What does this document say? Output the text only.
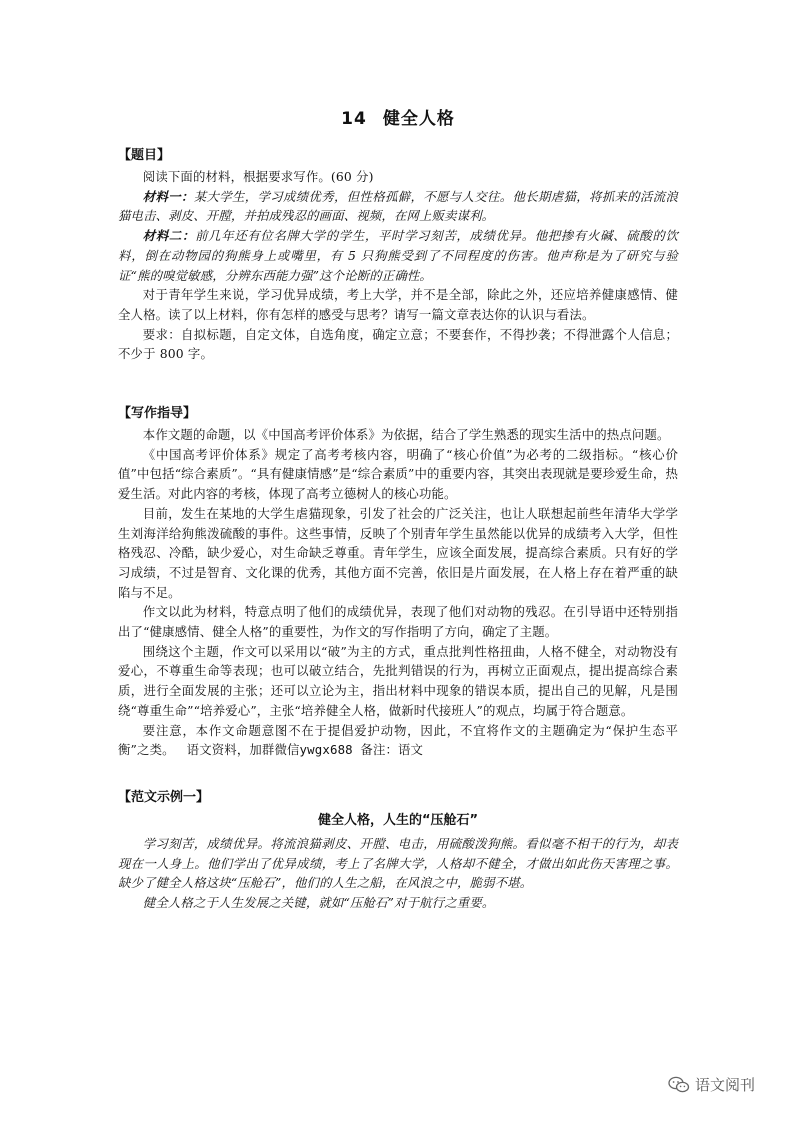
14 健全人格
【题目】

阅读下面的材料，根据要求写作。(60 分)

材料一：某大学生，学习成绩优秀，但性格孤僻，不愿与人交往。他长期虐猫，将抓来的活流浪猫电击、剥皮、开膛，并拍成残忍的画面、视频，在网上贩卖谋利。

材料二：前几年还有位名牌大学的学生，平时学习刻苦，成绩优异。他把掺有火碱、硫酸的饮料，倒在动物园的狗熊身上或嘴里，有 5 只狗熊受到了不同程度的伤害。他声称是为了研究与验证“熊的嗅觉敏感，分辨东西能力强”这个论断的正确性。

对于青年学生来说，学习优异成绩，考上大学，并不是全部，除此之外，还应培养健康感情、健全人格。读了以上材料，你有怎样的感受与思考？请写一篇文章表达你的认识与看法。

要求：自拟标题，自定文体，自选角度，确定立意；不要套作，不得抄袭；不得泄露个人信息；不少于 800 字。

【写作指导】

本作文题的命题，以《中国高考评价体系》为依据，结合了学生熟悉的现实生活中的热点问题。

《中国高考评价体系》规定了高考考核内容，明确了“核心价值”为必考的二级指标。“核心价值”中包括“综合素质”。“具有健康情感”是“综合素质”中的重要内容，其突出表现就是要珍爱生命，热爱生活。对此内容的考核，体现了高考立德树人的核心功能。

目前，发生在某地的大学生虐猫现象，引发了社会的广泛关注，也让人联想起前些年清华大学学生刘海洋给狗熊泼硫酸的事件。这些事情，反映了个别青年学生虽然能以优异的成绩考入大学，但性格残忍、冷酷，缺少爱心，对生命缺乏尊重。青年学生，应该全面发展，提高综合素质。只有好的学习成绩，不过是智育、文化课的优秀，其他方面不完善，依旧是片面发展，在人格上存在着严重的缺陷与不足。

作文以此为材料，特意点明了他们的成绩优异，表现了他们对动物的残忍。在引导语中还特别指出了“健康感情、健全人格”的重要性，为作文的写作指明了方向，确定了主题。

围绕这个主题，作文可以采用以“破”为主的方式，重点批判性格扭曲，人格不健全，对动物没有爱心，不尊重生命等表现；也可以破立结合，先批判错误的行为，再树立正面观点，提出提高综合素质，进行全面发展的主张；还可以立论为主，指出材料中现象的错误本质，提出自己的见解，凡是围绕“尊重生命”“培养爱心”，主张“培养健全人格，做新时代接班人”的观点，均属于符合题意。

要注意，本作文命题意图不在于提倡爱护动物，因此，不宜将作文的主题确定为“保护生态平衡”之类。 语文资料，加群微信ywgx688 备注：语文

【范文示例一】
健全人格，人生的“压舱石”

学习刻苦，成绩优异。将流浪猫剥皮、开膛、电击，用硫酸泼狗熊。看似毫不相干的行为，却表现在一人身上。他们学出了优异成绩，考上了名牌大学，人格却不健全，才做出如此伤天害理之事。缺少了健全人格这块“压舱石”，他们的人生之船，在风浪之中，脆弱不堪。

健全人格之于人生发展之关键，就如“压舱石”对于航行之重要。

语文阅刊
